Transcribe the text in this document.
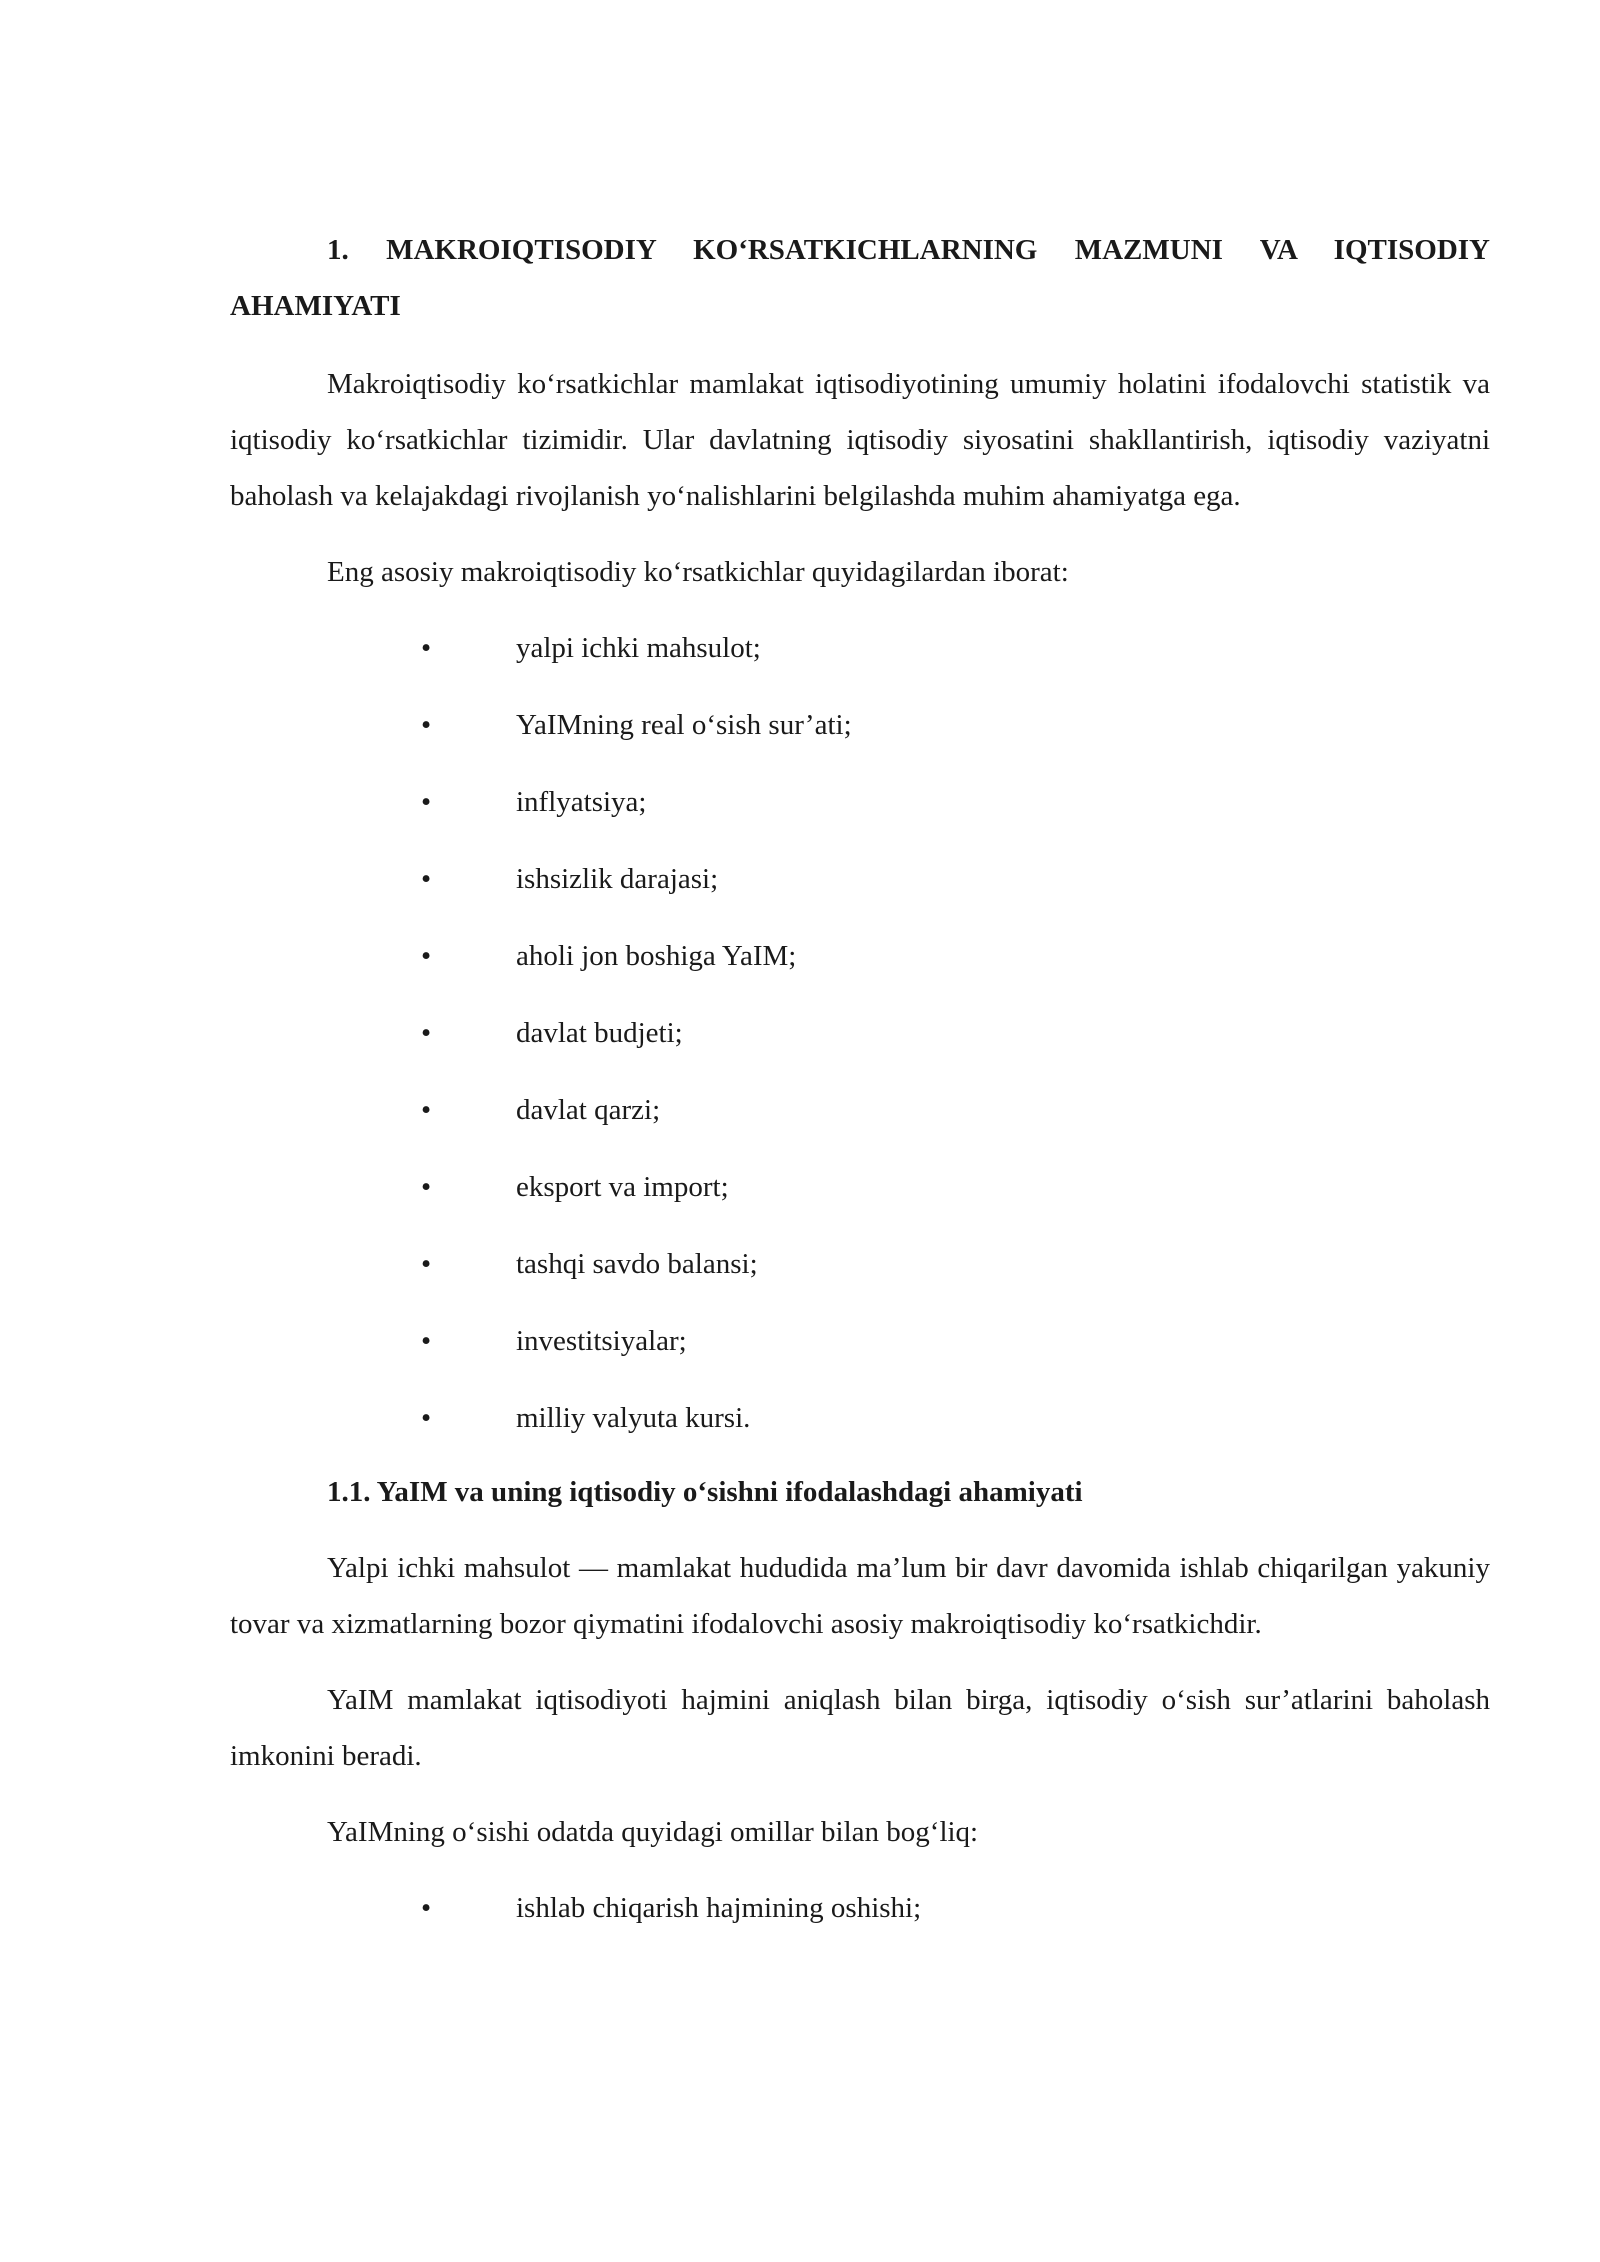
1. MAKROIQTISODIY KO‘RSATKICHLARNING MAZMUNI VA IQTISODIY AHAMIYATI

Makroiqtisodiy ko‘rsatkichlar mamlakat iqtisodiyotining umumiy holatini ifodalovchi statistik va iqtisodiy ko‘rsatkichlar tizimidir. Ular davlatning iqtisodiy siyosatini shakllantirish, iqtisodiy vaziyatni baholash va kelajakdagi rivojlanish yo‘nalishlarini belgilashda muhim ahamiyatga ega.

Eng asosiy makroiqtisodiy ko‘rsatkichlar quyidagilardan iborat:

•	yalpi ichki mahsulot;
•	YaIMning real o‘sish sur’ati;
•	inflyatsiya;
•	ishsizlik darajasi;
•	aholi jon boshiga YaIM;
•	davlat budjeti;
•	davlat qarzi;
•	eksport va import;
•	tashqi savdo balansi;
•	investitsiyalar;
•	milliy valyuta kursi.

1.1. YaIM va uning iqtisodiy o‘sishni ifodalashdagi ahamiyati

Yalpi ichki mahsulot — mamlakat hududida ma’lum bir davr davomida ishlab chiqarilgan yakuniy tovar va xizmatlarning bozor qiymatini ifodalovchi asosiy makroiqtisodiy ko‘rsatkichdir.

YaIM mamlakat iqtisodiyoti hajmini aniqlash bilan birga, iqtisodiy o‘sish sur’atlarini baholash imkonini beradi.

YaIMning o‘sishi odatda quyidagi omillar bilan bog‘liq:

•	ishlab chiqarish hajmining oshishi;
